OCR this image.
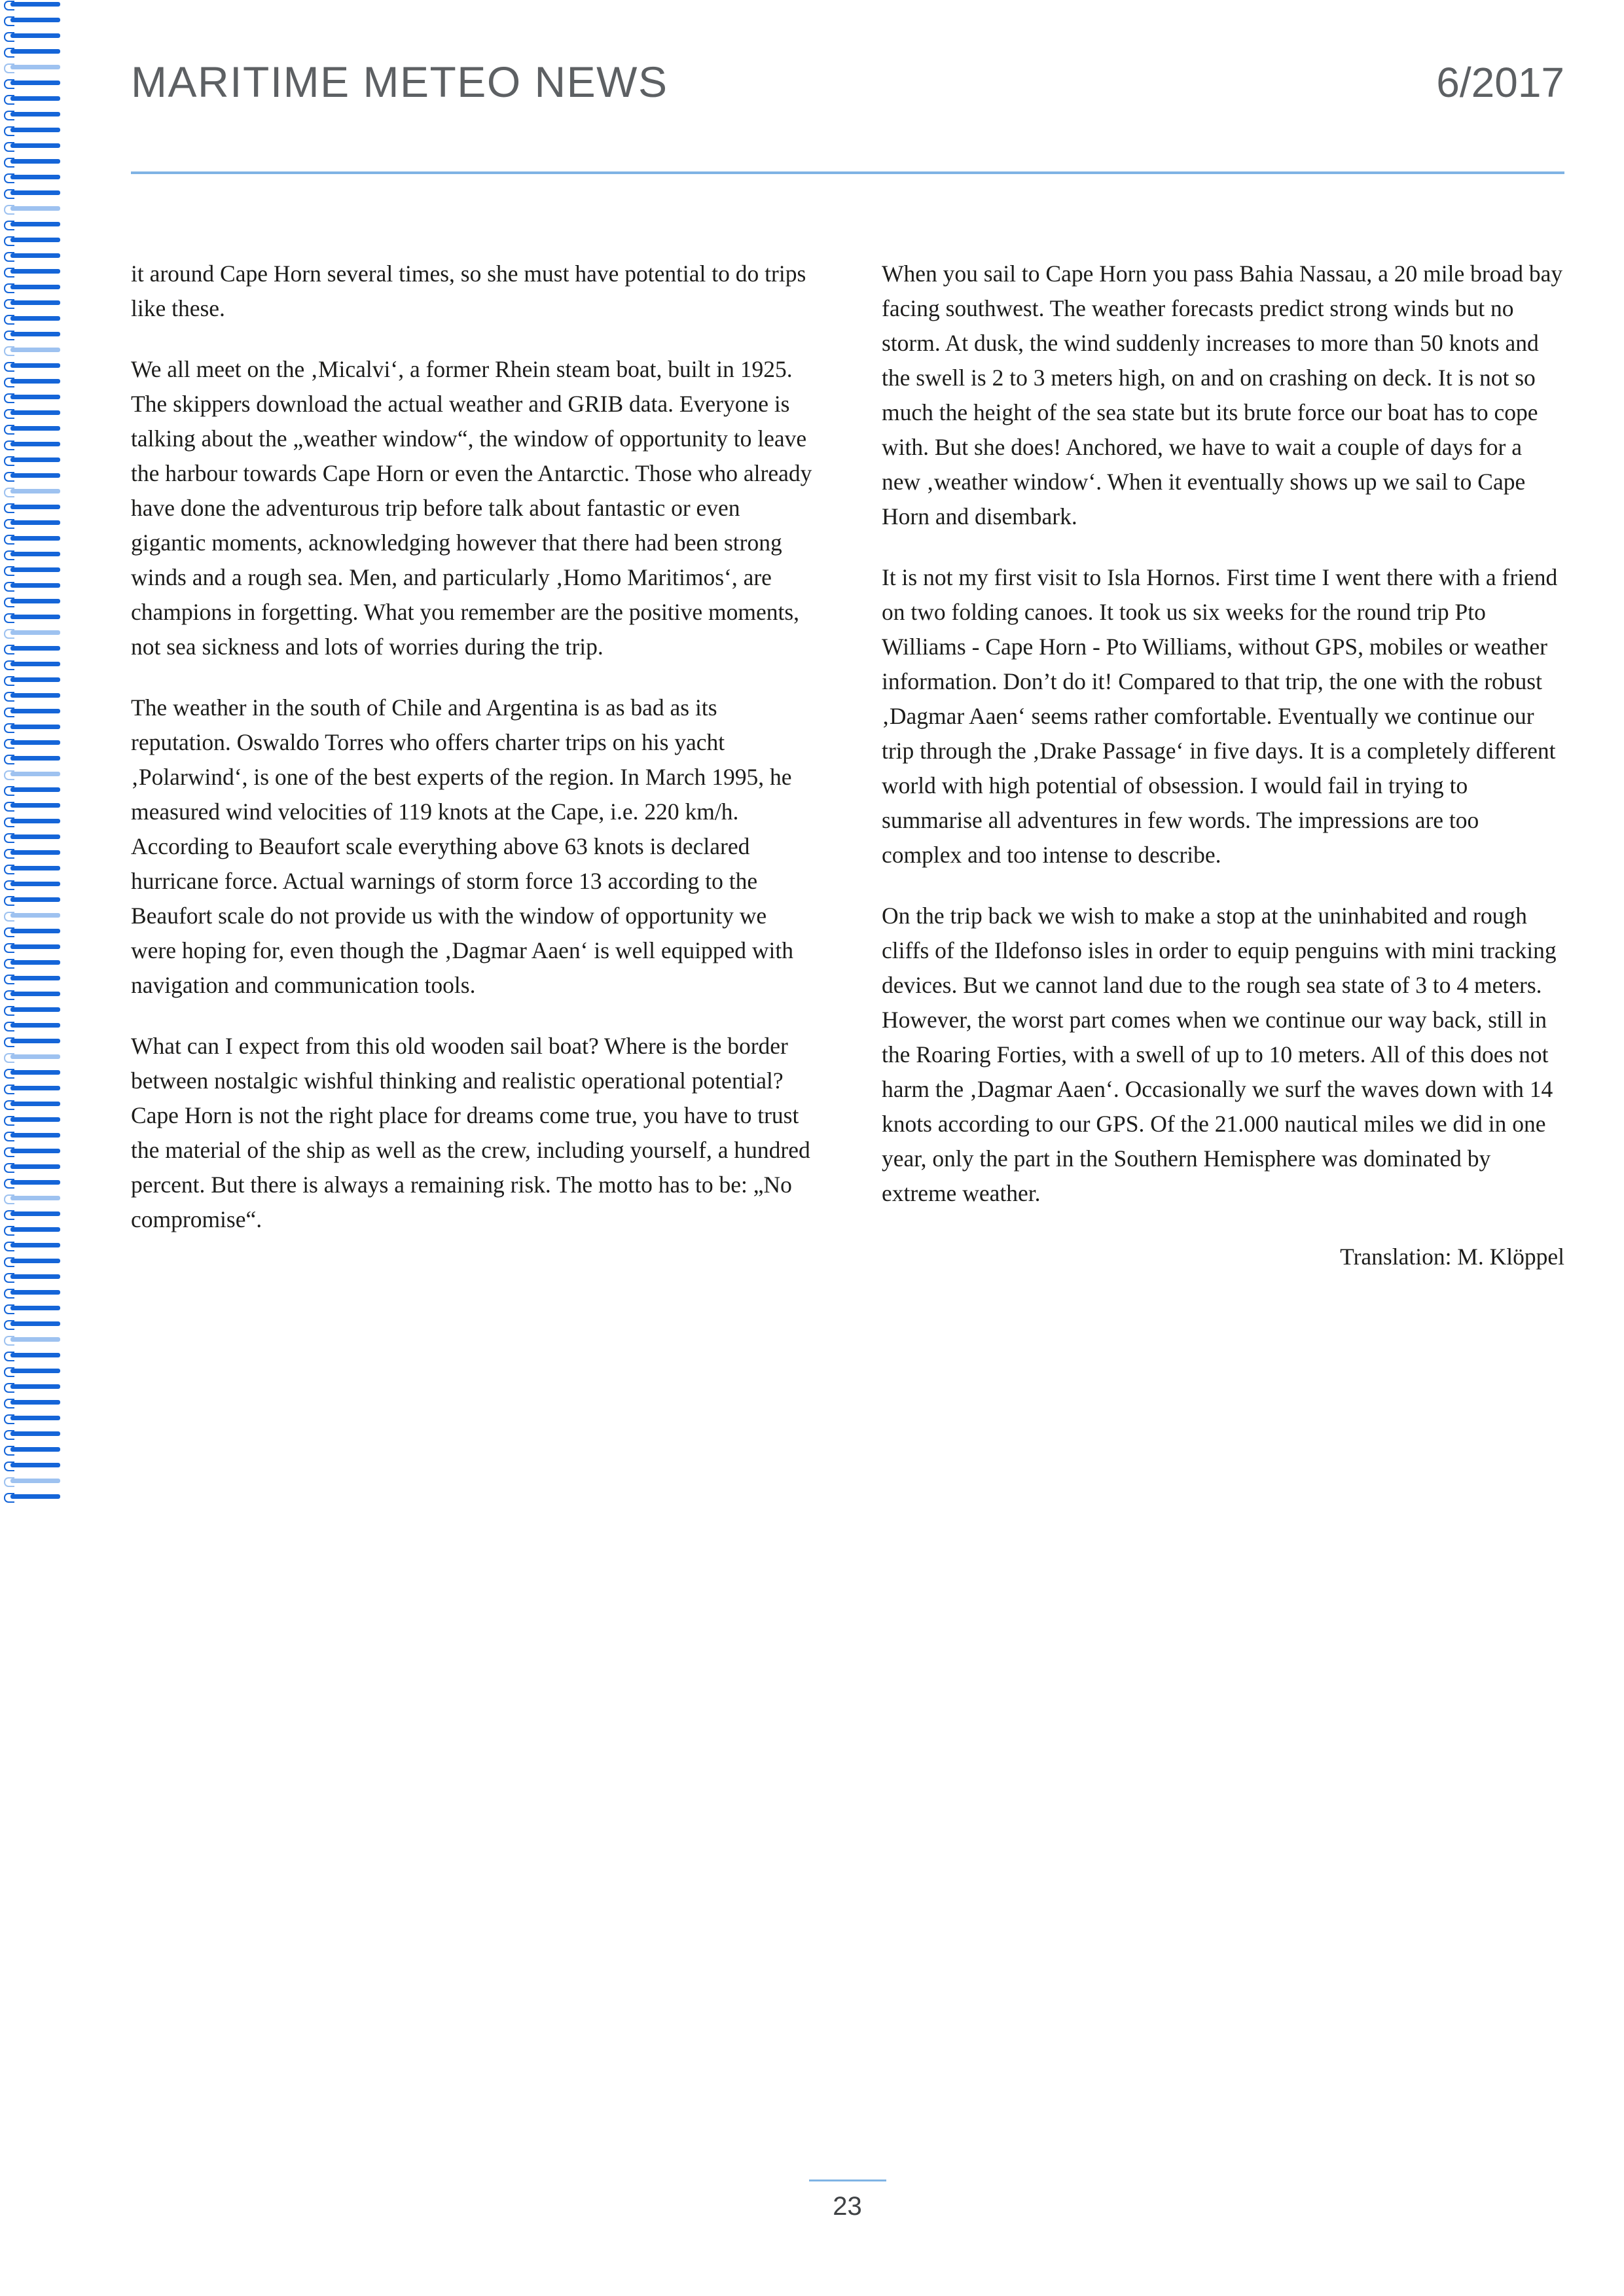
MARITIME METEO NEWS	6/2017

it around Cape Horn several times, so she must have potential to do trips like these.

We all meet on the ‚Micalvi‘, a former Rhein steam boat, built in 1925. The skippers download the actual weather and GRIB data. Everyone is talking about the „weather window“, the window of opportunity to leave the harbour towards Cape Horn or even the Antarctic. Those who already have done the adventurous trip before talk about fantastic or even gigantic moments, acknowledging however that there had been strong winds and a rough sea. Men, and particularly ‚Homo Maritimos‘, are champions in forgetting. What you remember are the positive moments, not sea sickness and lots of worries during the trip.

The weather in the south of Chile and Argentina is as bad as its reputation. Oswaldo Torres who offers charter trips on his yacht ‚Polarwind‘, is one of the best experts of the region. In March 1995, he measured wind velocities of 119 knots at the Cape, i.e. 220 km/h. According to Beaufort scale everything above 63 knots is declared hurricane force. Actual warnings of storm force 13 according to the Beaufort scale do not provide us with the window of opportunity we were hoping for, even though the ‚Dagmar Aaen‘ is well equipped with navigation and communication tools.

What can I expect from this old wooden sail boat? Where is the border between nostalgic wishful thinking and realistic operational potential? Cape Horn is not the right place for dreams come true, you have to trust the material of the ship as well as the crew, including yourself, a hundred percent. But there is always a remaining risk. The motto has to be: „No compromise“.

When you sail to Cape Horn you pass Bahia Nassau, a 20 mile broad bay facing southwest. The weather forecasts predict strong winds but no storm. At dusk, the wind suddenly increases to more than 50 knots and the swell is 2 to 3 meters high, on and on crashing on deck. It is not so much the height of the sea state but its brute force our boat has to cope with. But she does! Anchored, we have to wait a couple of days for a new ‚weather window‘. When it eventually shows up we sail to Cape Horn and disembark.

It is not my first visit to Isla Hornos. First time I went there with a friend on two folding canoes. It took us six weeks for the round trip Pto Williams - Cape Horn - Pto Williams, without GPS, mobiles or weather information. Don’t do it! Compared to that trip, the one with the robust ‚Dagmar Aaen‘ seems rather comfortable. Eventually we continue our trip through the ‚Drake Passage‘ in five days. It is a completely different world with high potential of obsession. I would fail in trying to summarise all adventures in few words. The impressions are too complex and too intense to describe.

On the trip back we wish to make a stop at the uninhabited and rough cliffs of the Ildefonso isles in order to equip penguins with mini tracking devices. But we cannot land due to the rough sea state of 3 to 4 meters. However, the worst part comes when we continue our way back, still in the Roaring Forties, with a swell of up to 10 meters. All of this does not harm the ‚Dagmar Aaen‘. Occasionally we surf the waves down with 14 knots according to our GPS. Of the 21.000 nautical miles we did in one year, only the part in the Southern Hemisphere was dominated by extreme weather.

Translation: M. Klöppel
23
